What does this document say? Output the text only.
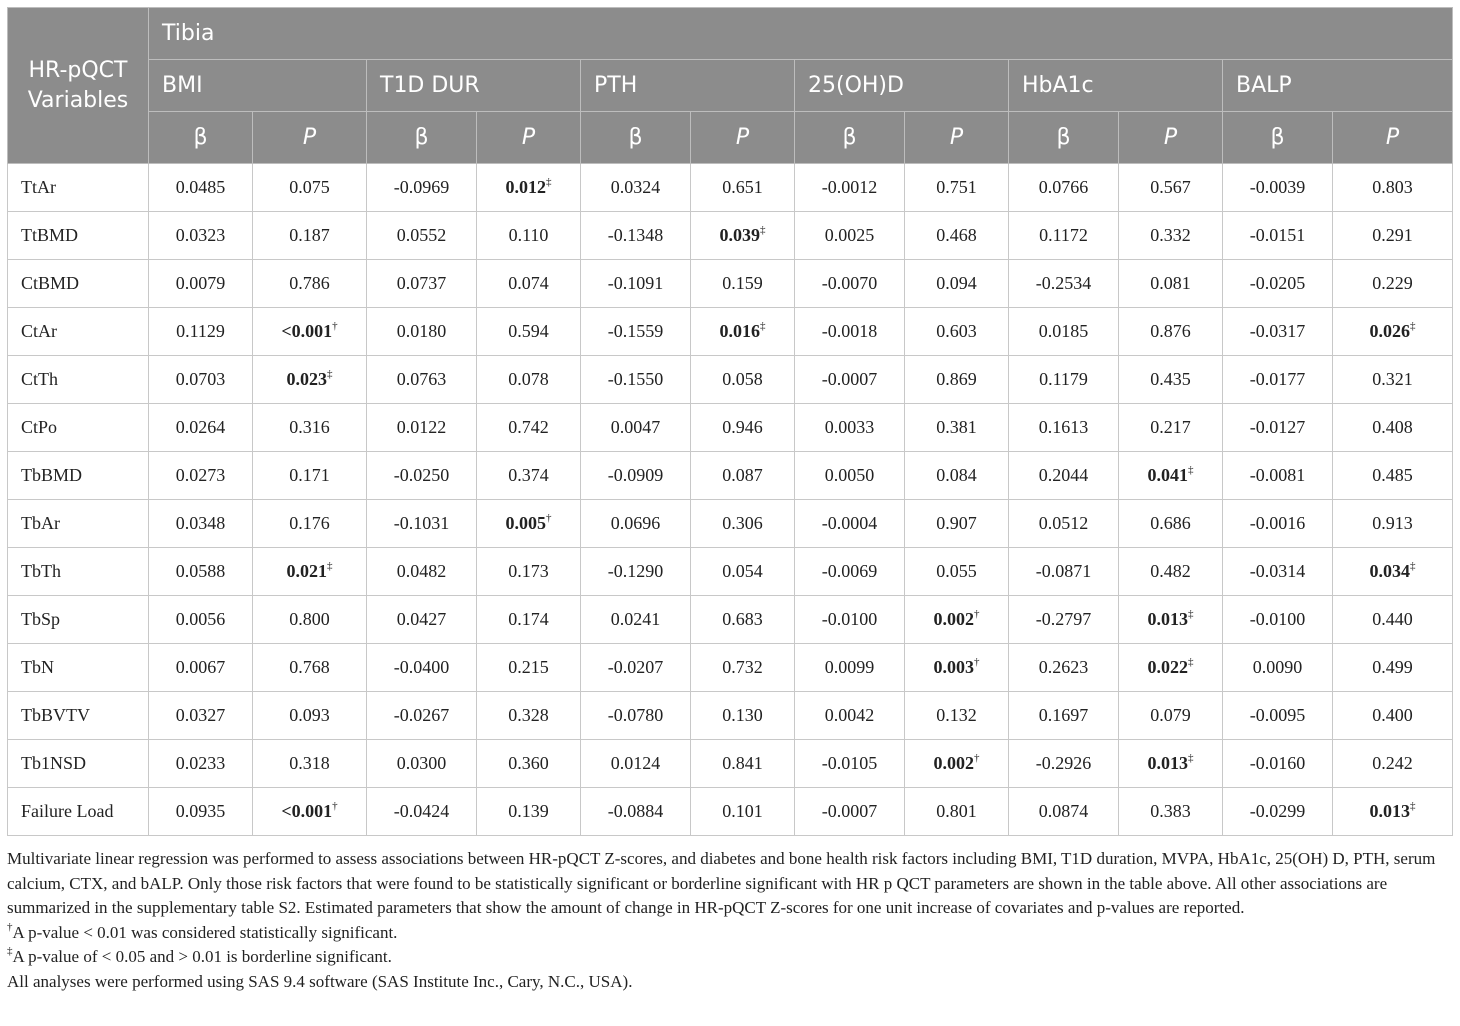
HR-pQCT Variables	Tibia											
	BMI		T1D DUR		PTH		25(OH)D		HbA1c		BALP	
	β	P	β	P	β	P	β	P	β	P	β	P
TtAr	0.0485	0.075	-0.0969	0.012‡	0.0324	0.651	-0.0012	0.751	0.0766	0.567	-0.0039	0.803
TtBMD	0.0323	0.187	0.0552	0.110	-0.1348	0.039‡	0.0025	0.468	0.1172	0.332	-0.0151	0.291
CtBMD	0.0079	0.786	0.0737	0.074	-0.1091	0.159	-0.0070	0.094	-0.2534	0.081	-0.0205	0.229
CtAr	0.1129	<0.001†	0.0180	0.594	-0.1559	0.016‡	-0.0018	0.603	0.0185	0.876	-0.0317	0.026‡
CtTh	0.0703	0.023‡	0.0763	0.078	-0.1550	0.058	-0.0007	0.869	0.1179	0.435	-0.0177	0.321
CtPo	0.0264	0.316	0.0122	0.742	0.0047	0.946	0.0033	0.381	0.1613	0.217	-0.0127	0.408
TbBMD	0.0273	0.171	-0.0250	0.374	-0.0909	0.087	0.0050	0.084	0.2044	0.041‡	-0.0081	0.485
TbAr	0.0348	0.176	-0.1031	0.005†	0.0696	0.306	-0.0004	0.907	0.0512	0.686	-0.0016	0.913
TbTh	0.0588	0.021‡	0.0482	0.173	-0.1290	0.054	-0.0069	0.055	-0.0871	0.482	-0.0314	0.034‡
TbSp	0.0056	0.800	0.0427	0.174	0.0241	0.683	-0.0100	0.002†	-0.2797	0.013‡	-0.0100	0.440
TbN	0.0067	0.768	-0.0400	0.215	-0.0207	0.732	0.0099	0.003†	0.2623	0.022‡	0.0090	0.499
TbBVTV	0.0327	0.093	-0.0267	0.328	-0.0780	0.130	0.0042	0.132	0.1697	0.079	-0.0095	0.400
Tb1NSD	0.0233	0.318	0.0300	0.360	0.0124	0.841	-0.0105	0.002†	-0.2926	0.013‡	-0.0160	0.242
Failure Load	0.0935	<0.001†	-0.0424	0.139	-0.0884	0.101	-0.0007	0.801	0.0874	0.383	-0.0299	0.013‡

Multivariate linear regression was performed to assess associations between HR-pQCT Z-scores, and diabetes and bone health risk factors including BMI, T1D duration, MVPA, HbA1c, 25(OH) D, PTH, serum calcium, CTX, and bALP. Only those risk factors that were found to be statistically significant or borderline significant with HR p QCT parameters are shown in the table above. All other associations are summarized in the supplementary table S2. Estimated parameters that show the amount of change in HR-pQCT Z-scores for one unit increase of covariates and p-values are reported.

†A p-value < 0.01 was considered statistically significant.

‡A p-value of < 0.05 and > 0.01 is borderline significant.

All analyses were performed using SAS 9.4 software (SAS Institute Inc., Cary, N.C., USA).
